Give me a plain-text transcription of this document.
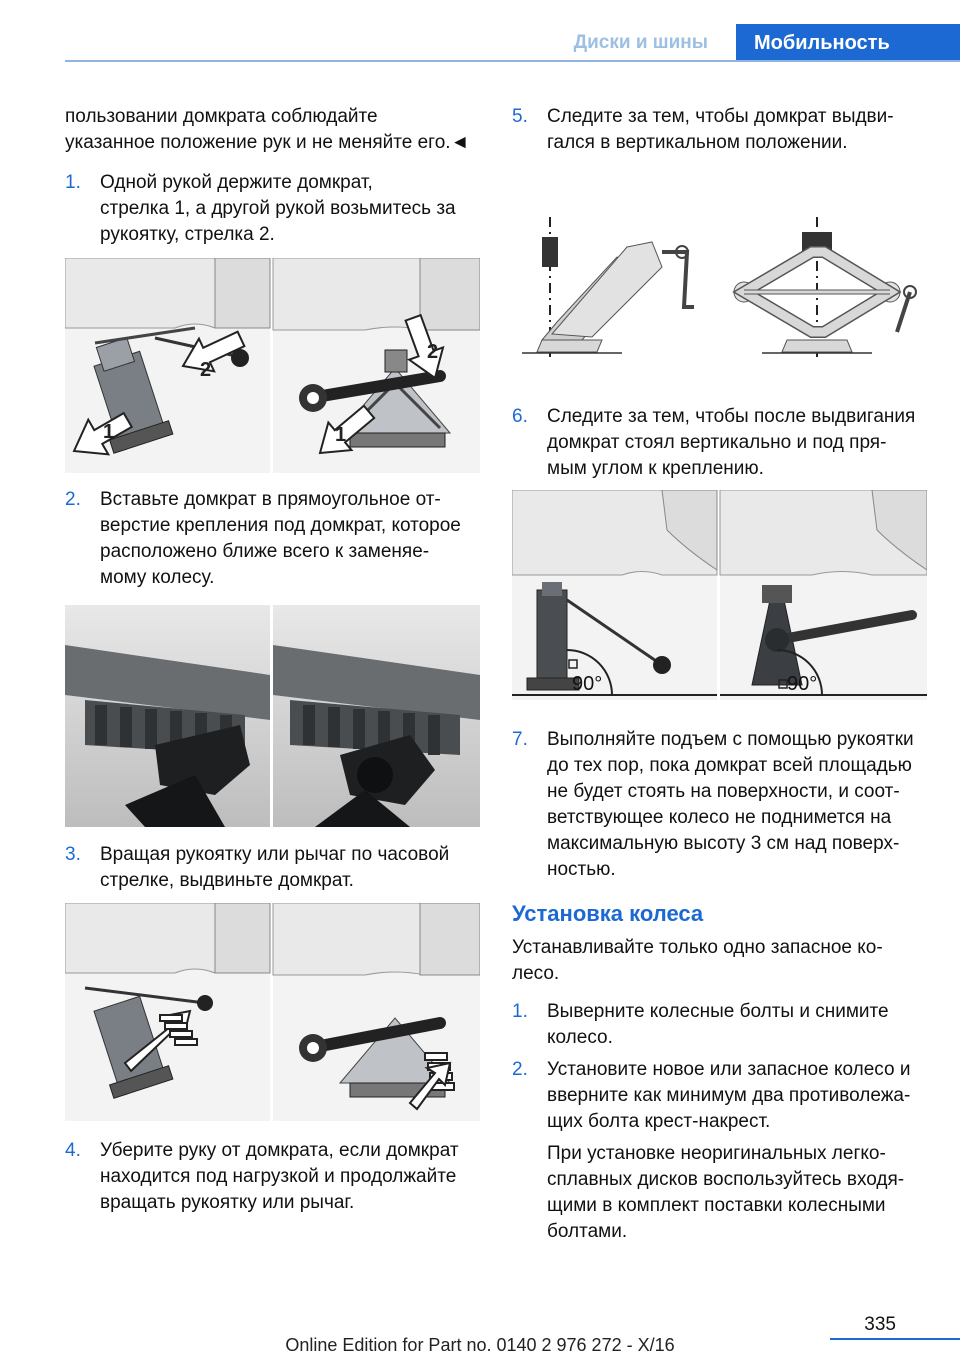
Диски и шины	Мобильность
пользовании домкрата соблюдайте
указанное положение рук и не меняйте его.◄
1. Одной рукой держите домкрат,
стрелка 1, а другой рукой возьмитесь за
рукоятку, стрелка 2.
1
2
1
2
2. Вставьте домкрат в прямоугольное от-
верстие крепления под домкрат, которое
расположено ближе всего к заменяе-
мому колесу.
3. Вращая рукоятку или рычаг по часовой
стрелке, выдвиньте домкрат.
4. Уберите руку от домкрата, если домкрат
находится под нагрузкой и продолжайте
вращать рукоятку или рычаг.
5. Следите за тем, чтобы домкрат выдви-
гался в вертикальном положении.
6. Следите за тем, чтобы после выдвигания
домкрат стоял вертикально и под пря-
мым углом к креплению.
90°	90°
7. Выполняйте подъем с помощью рукоятки
до тех пор, пока домкрат всей площадью
не будет стоять на поверхности, и соот-
ветствующее колесо не поднимется на
максимальную высоту 3 см над поверх-
ностью.
Установка колеса
Устанавливайте только одно запасное ко-
лесо.
1. Выверните колесные болты и снимите
колесо.
2. Установите новое или запасное колесо и
вверните как минимум два противолежа-
щих болта крест-накрест.
При установке неоригинальных легко-
сплавных дисков воспользуйтесь входя-
щими в комплект поставки колесными
болтами.
335
Online Edition for Part no. 0140 2 976 272 - X/16
